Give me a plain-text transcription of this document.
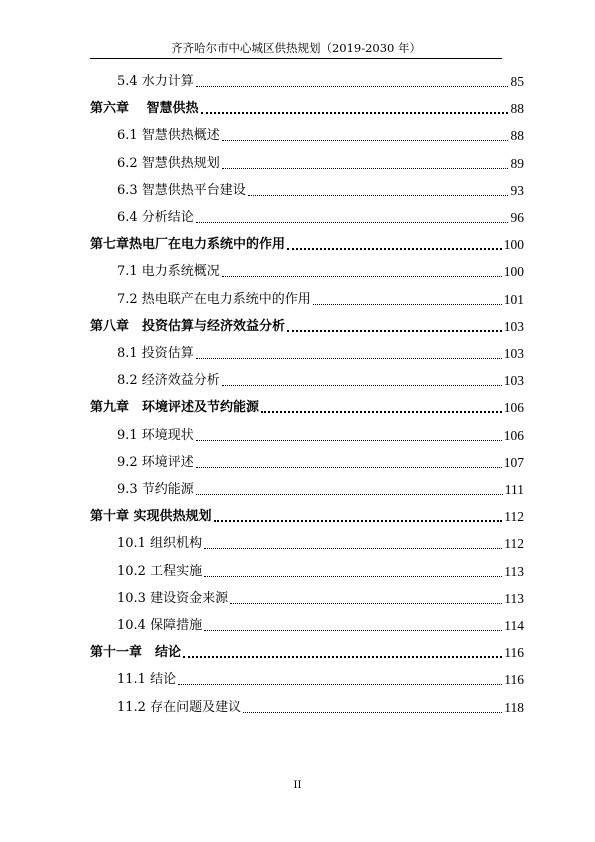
齐齐哈尔市中心城区供热规划（2019-2030 年）
5.4 水力计算	85
第六章　 智慧供热	88
6.1 智慧供热概述	88
6.2 智慧供热规划	89
6.3 智慧供热平台建设	93
6.4 分析结论	96
第七章热电厂在电力系统中的作用	100
7.1 电力系统概况	100
7.2 热电联产在电力系统中的作用	101
第八章　投资估算与经济效益分析	103
8.1 投资估算	103
8.2 经济效益分析	103
第九章　环境评述及节约能源	106
9.1 环境现状	106
9.2 环境评述	107
9.3 节约能源	111
第十章 实现供热规划	112
10.1 组织机构	112
10.2 工程实施	113
10.3 建设资金来源	113
10.4 保障措施	114
第十一章　结论	116
11.1 结论	116
11.2 存在问题及建议	118
II
